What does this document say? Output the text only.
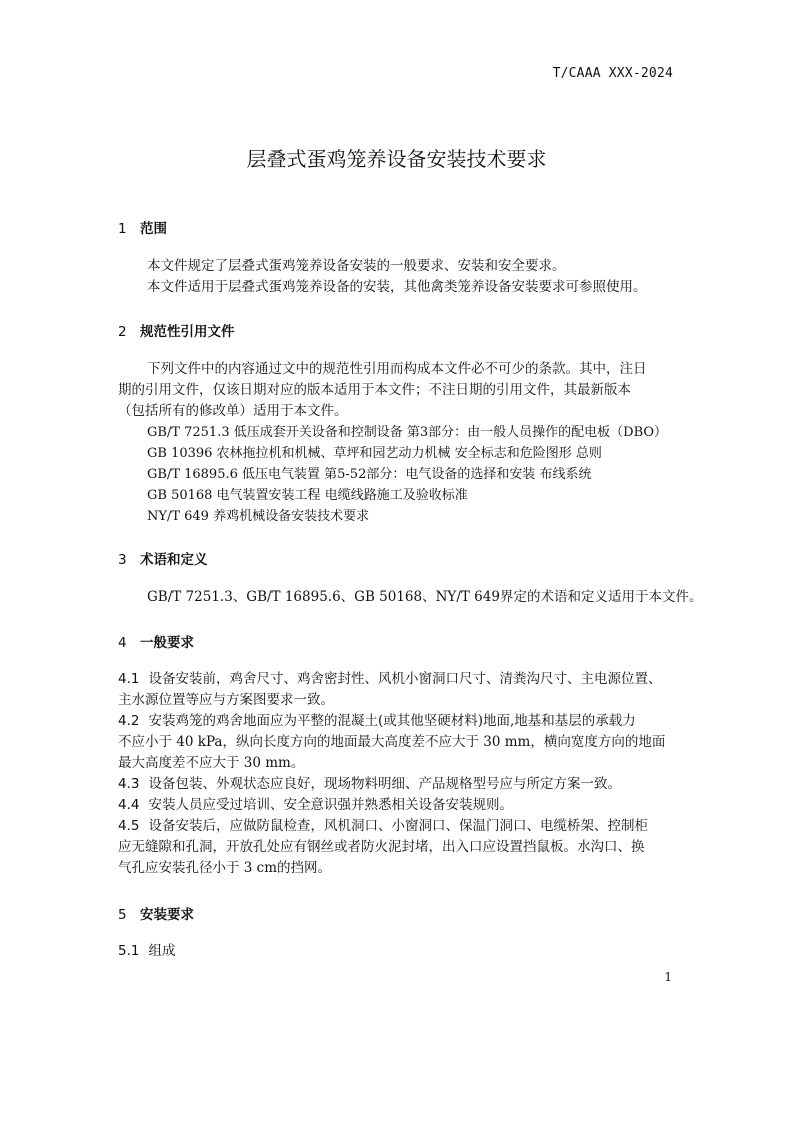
T/CAAA XXX-2024
层叠式蛋鸡笼养设备安装技术要求
1 范围
本文件规定了层叠式蛋鸡笼养设备安装的一般要求、安装和安全要求。
本文件适用于层叠式蛋鸡笼养设备的安装，其他禽类笼养设备安装要求可参照使用。
2 规范性引用文件
下列文件中的内容通过文中的规范性引用而构成本文件必不可少的条款。其中，注日
期的引用文件，仅该日期对应的版本适用于本文件；不注日期的引用文件，其最新版本
（包括所有的修改单）适用于本文件。
GB/T 7251.3 低压成套开关设备和控制设备 第3部分：由一般人员操作的配电板（DBO）
GB 10396 农林拖拉机和机械、草坪和园艺动力机械 安全标志和危险图形 总则
GB/T 16895.6 低压电气装置 第5-52部分：电气设备的选择和安装 布线系统
GB 50168 电气装置安装工程 电缆线路施工及验收标准
NY/T 649 养鸡机械设备安装技术要求
3 术语和定义
GB/T 7251.3、GB/T 16895.6、GB 50168、NY/T 649界定的术语和定义适用于本文件。
4 一般要求
4.1 设备安装前，鸡舍尺寸、鸡舍密封性、风机小窗洞口尺寸、清粪沟尺寸、主电源位置、
主水源位置等应与方案图要求一致。
4.2 安装鸡笼的鸡舍地面应为平整的混凝土(或其他坚硬材料)地面,地基和基层的承载力
不应小于 40 kPa，纵向长度方向的地面最大高度差不应大于 30 mm，横向宽度方向的地面
最大高度差不应大于 30 mm。
4.3 设备包装、外观状态应良好，现场物料明细、产品规格型号应与所定方案一致。
4.4 安装人员应受过培训、安全意识强并熟悉相关设备安装规则。
4.5 设备安装后，应做防鼠检查，风机洞口、小窗洞口、保温门洞口、电缆桥架、控制柜
应无缝隙和孔洞，开放孔处应有钢丝或者防火泥封堵，出入口应设置挡鼠板。水沟口、换
气孔应安装孔径小于 3 cm的挡网。
5 安装要求
5.1 组成
1
